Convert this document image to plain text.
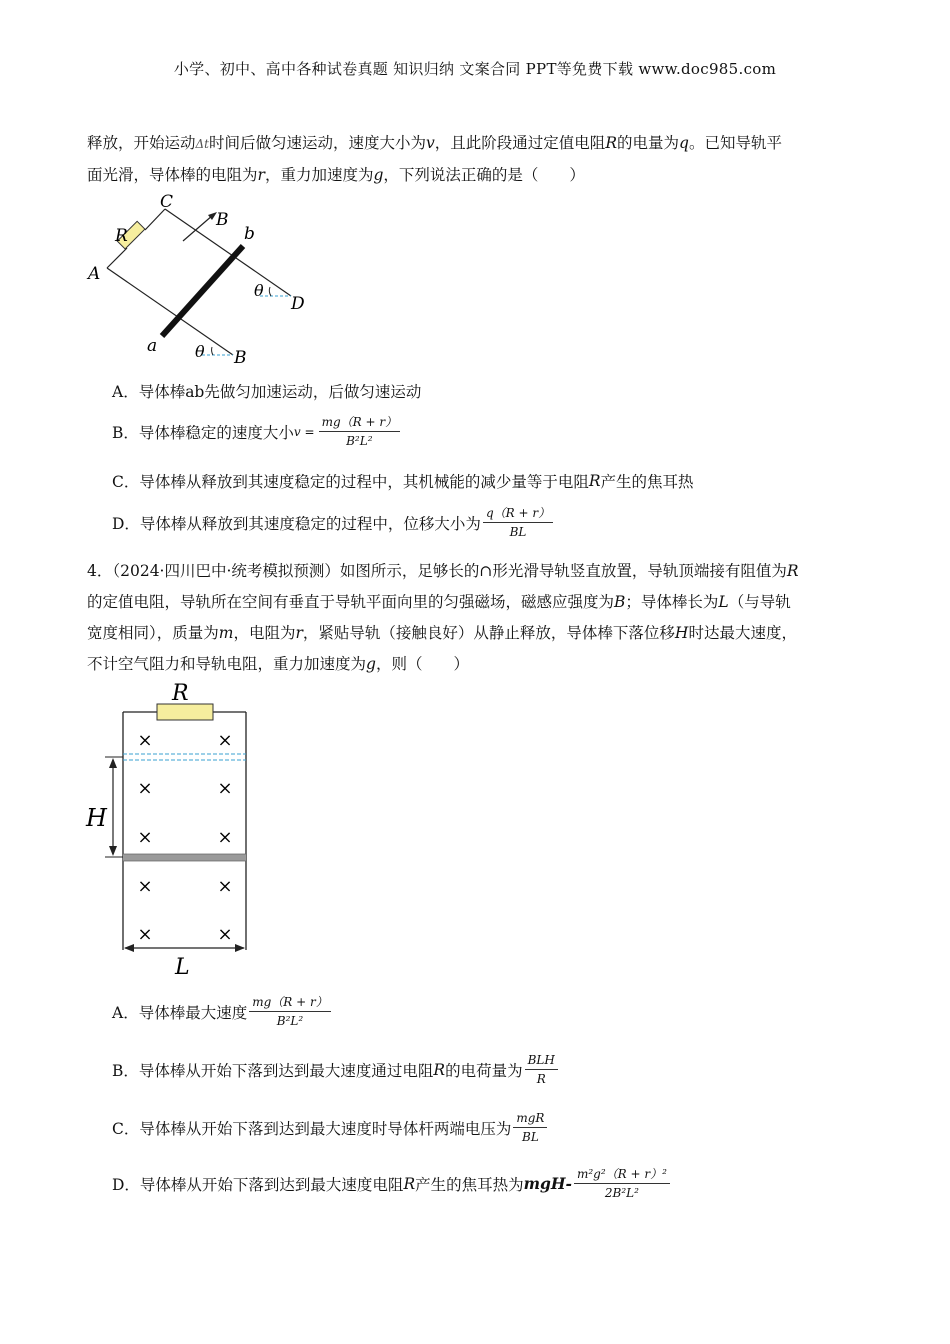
小学、初中、高中各种试卷真题 知识归纳 文案合同 PPT等免费下载 www.doc985.com
释放，开始运动Δt时间后做匀速运动，速度大小为v，且此阶段通过定值电阻R的电量为q。已知导轨平
面光滑，导体棒的电阻为r，重力加速度为g，下列说法正确的是（　　）
C
B
b
R
A
θ
D
a θ B
A．导体棒ab先做匀加速运动，后做匀速运动
B．导体棒稳定的速度大小 $v = \frac{mg(R + r)}{\text{B²L²}}$
C．导体棒从释放到其速度稳定的过程中，其机械能的减少量等于电阻 R 产生的焦耳热
D．导体棒从释放到其速度稳定的过程中，位移大小为 $\frac{q(R + r)}{BL}$
4．（2024·四川巴中·统考模拟预测）如图所示，足够长的∩形光滑导轨竖直放置，导轨顶端接有阻值为R
的定值电阻，导轨所在空间有垂直于导轨平面向里的匀强磁场，磁感应强度为B；导体棒长为L（与导轨
宽度相同），质量为m，电阻为r，紧贴导轨（接触良好）从静止释放，导体棒下落位移H时达最大速度，
不计空气阻力和导轨电阻，重力加速度为g，则（　　）
R
H
L
×	×
×	×
×	×
×	×
×	×
A．导体棒最大速度 $\frac{mg(R + r)}{\text{B²L²}}$
B．导体棒从开始下落到达到最大速度通过电阻 R 的电荷量为 $\frac{\text{BLH}}{R}$
C．导体棒从开始下落到达到最大速度时导体杆两端电压为 $\frac{\text{mgR}}{BL}$
D．导体棒从开始下落到达到最大速度电阻 R 产生的焦耳热为 $mgH- \frac{\text{m²g²（R + r）²}}{\text{2B²L²}}$
